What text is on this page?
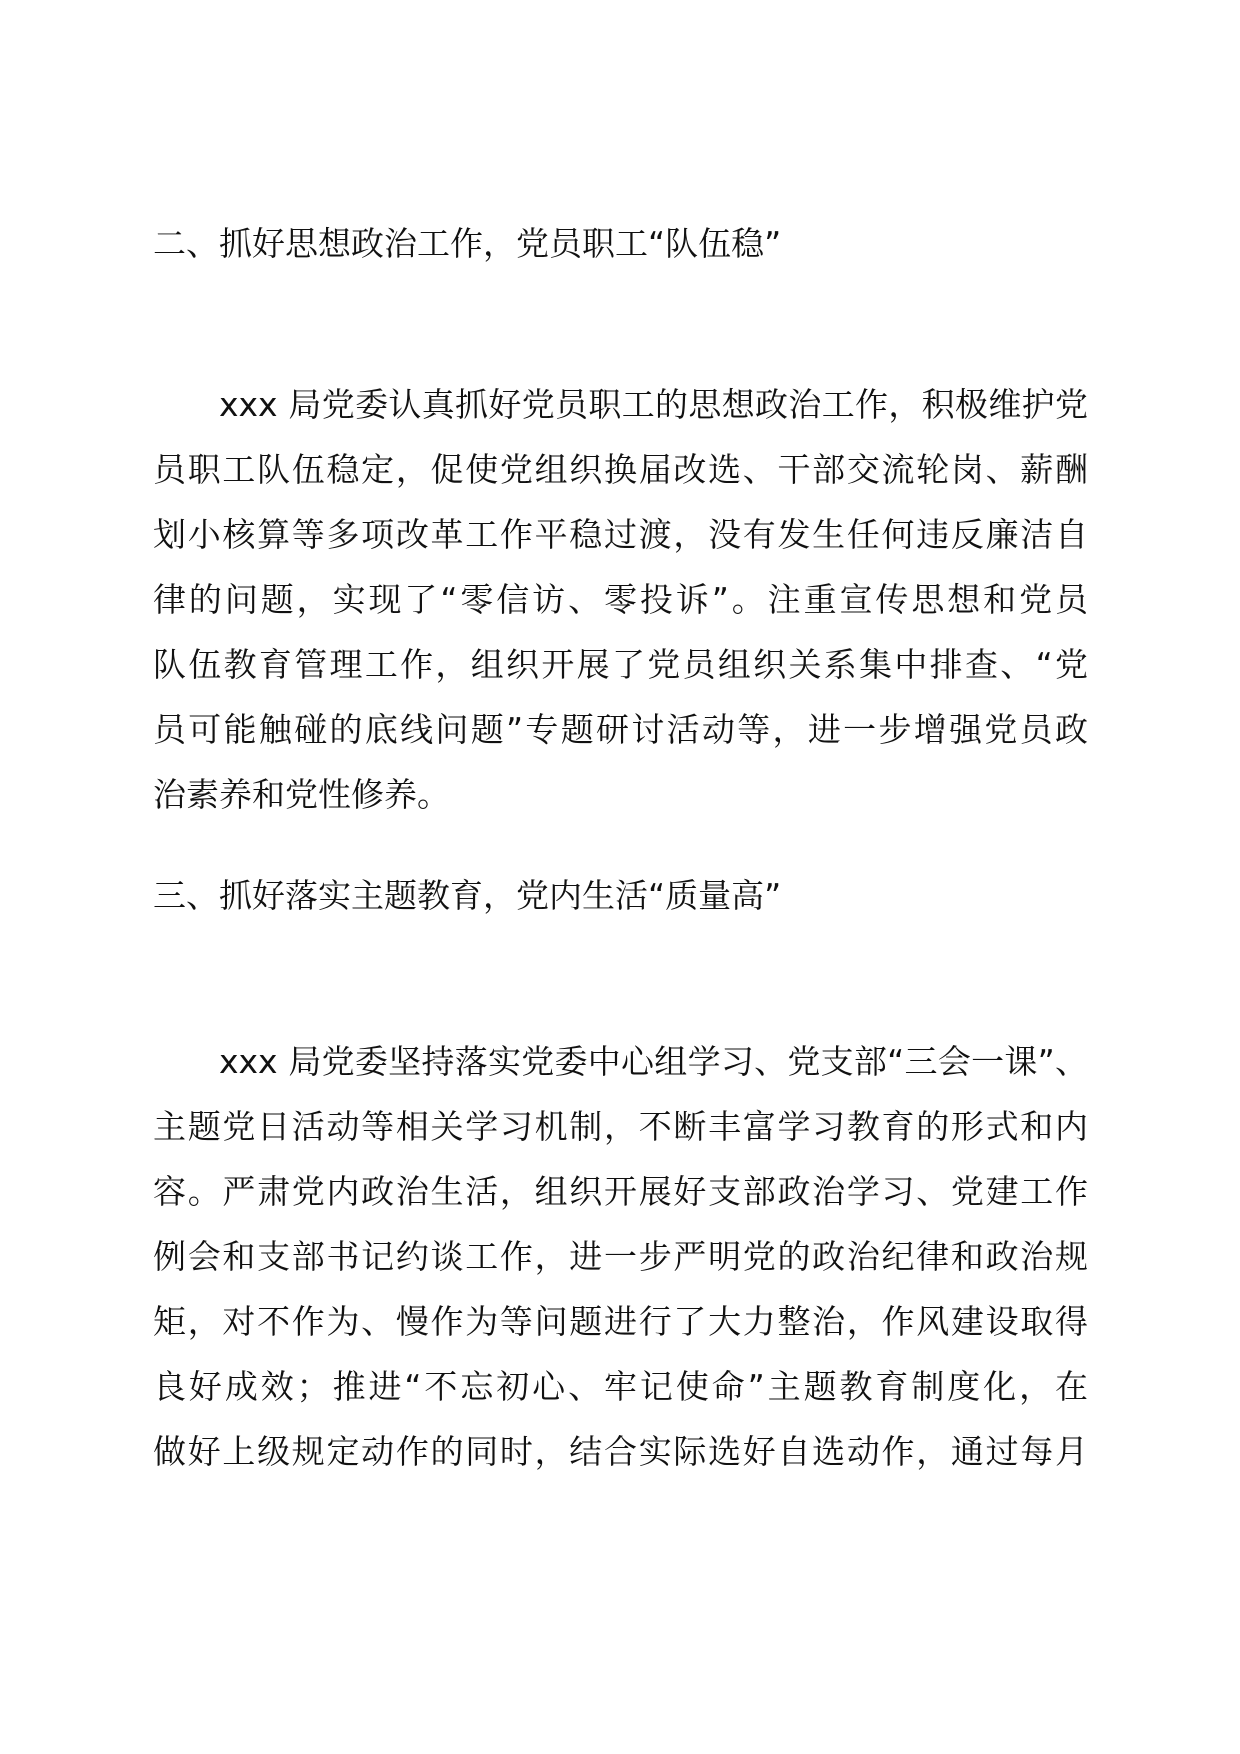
二、抓好思想政治工作，党员职工“队伍稳”
xxx 局党委认真抓好党员职工的思想政治工作，积极维护党
员职工队伍稳定，促使党组织换届改选、干部交流轮岗、薪酬
划小核算等多项改革工作平稳过渡，没有发生任何违反廉洁自
律的问题，实现了“零信访、零投诉”。注重宣传思想和党员
队伍教育管理工作，组织开展了党员组织关系集中排查、“党
员可能触碰的底线问题”专题研讨活动等，进一步增强党员政
治素养和党性修养。
三、抓好落实主题教育，党内生活“质量高”
xxx 局党委坚持落实党委中心组学习、党支部“三会一课”、
主题党日活动等相关学习机制，不断丰富学习教育的形式和内
容。严肃党内政治生活，组织开展好支部政治学习、党建工作
例会和支部书记约谈工作，进一步严明党的政治纪律和政治规
矩，对不作为、慢作为等问题进行了大力整治，作风建设取得
良好成效；推进“不忘初心、牢记使命”主题教育制度化，在
做好上级规定动作的同时，结合实际选好自选动作，通过每月
